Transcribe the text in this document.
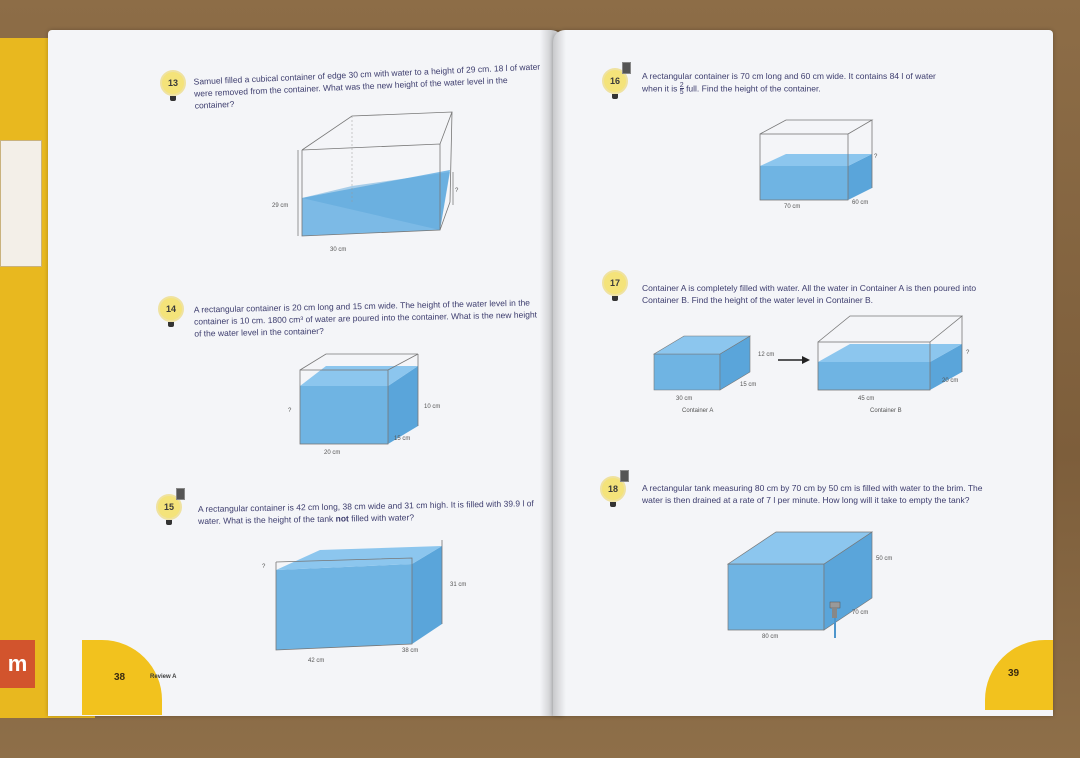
m
38	Review A	39
13	Samuel filled a cubical container of edge 30 cm with water to a height of 29 cm. 18 l of water were removed from the container. What was the new height of the water level in the container?
29 cm
30 cm
?
14	A rectangular container is 20 cm long and 15 cm wide. The height of the water level in the container is 10 cm. 1800 cm³ of water are poured into the container. What is the new height of the water level in the container?
10 cm
20 cm
15 cm
?
15	A rectangular container is 42 cm long, 38 cm wide and 31 cm high. It is filled with 39.9 l of water. What is the height of the tank not filled with water?
31 cm
42 cm
38 cm
?
16	A rectangular container is 70 cm long and 60 cm wide. It contains 84 l of water
when it is $\frac{2}{5}$ full. Find the height of the container.
?
70 cm
60 cm
17	Container A is completely filled with water. All the water in Container A is then poured into Container B. Find the height of the water level in Container B.
12 cm
15 cm
30 cm
Container A
?
20 cm
45 cm
Container B
18	A rectangular tank measuring 80 cm by 70 cm by 50 cm is filled with water to the brim. The water is then drained at a rate of 7 l per minute. How long will it take to empty the tank?
50 cm
70 cm
80 cm
